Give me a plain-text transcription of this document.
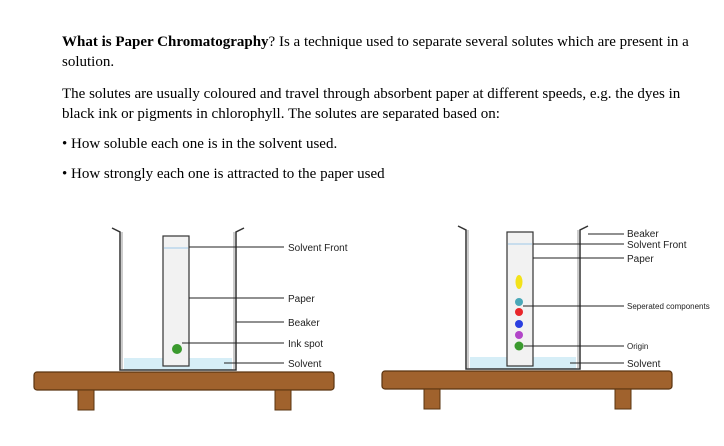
What is Paper Chromatography? Is a technique used to separate several solutes which are present in a solution.

The solutes are usually coloured and travel through absorbent paper at different speeds, e.g. the dyes in black ink or pigments in chlorophyll. The solutes are separated based on:

• How soluble each one is in the solvent used.

• How strongly each one is attracted to the paper used

Solvent Front
Paper
Beaker
Ink spot
Solvent
Beaker
Solvent Front
Paper
Seperated components
Origin
Solvent
